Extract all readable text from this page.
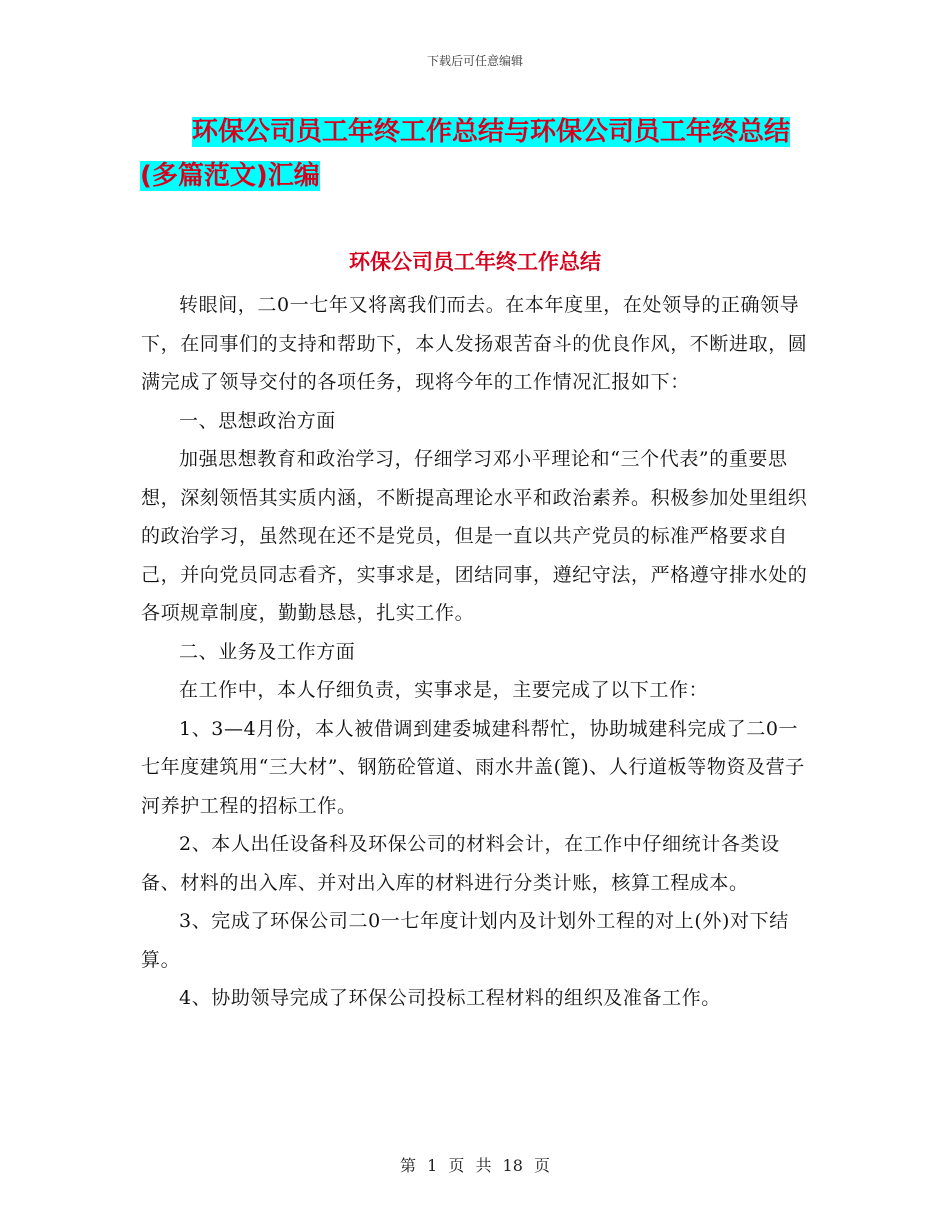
下载后可任意编辑
环保公司员工年终工作总结与环保公司员工年终总结
(多篇范文)汇编
环保公司员工年终工作总结

转眼间，二0一七年又将离我们而去。在本年度里，在处领导的正确领导下，在同事们的支持和帮助下，本人发扬艰苦奋斗的优良作风，不断进取，圆满完成了领导交付的各项任务，现将今年的工作情况汇报如下：

一、思想政治方面

加强思想教育和政治学习，仔细学习邓小平理论和“三个代表”的重要思想，深刻领悟其实质内涵，不断提高理论水平和政治素养。积极参加处里组织的政治学习，虽然现在还不是党员，但是一直以共产党员的标准严格要求自己，并向党员同志看齐，实事求是，团结同事，遵纪守法，严格遵守排水处的各项规章制度，勤勤恳恳，扎实工作。

二、业务及工作方面

在工作中，本人仔细负责，实事求是，主要完成了以下工作：

1、3—4月份，本人被借调到建委城建科帮忙，协助城建科完成了二0一七年度建筑用“三大材”、钢筋砼管道、雨水井盖(篦)、人行道板等物资及营子河养护工程的招标工作。

2、本人出任设备科及环保公司的材料会计，在工作中仔细统计各类设备、材料的出入库、并对出入库的材料进行分类计账，核算工程成本。

3、完成了环保公司二0一七年度计划内及计划外工程的对上(外)对下结算。

4、协助领导完成了环保公司投标工程材料的组织及准备工作。

第 1 页 共 18 页
